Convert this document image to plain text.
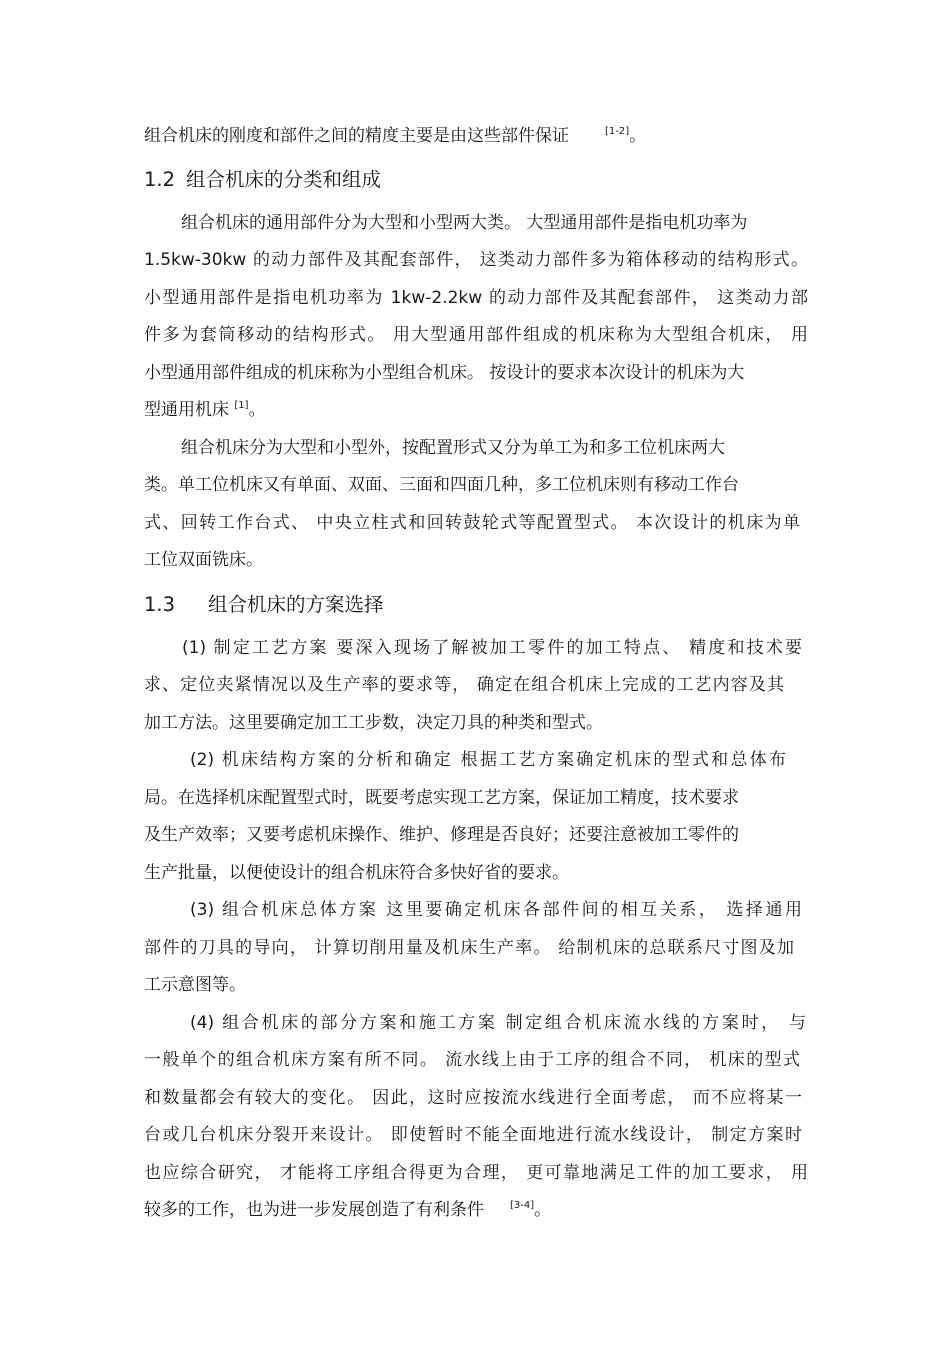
组合机床的刚度和部件之间的精度主要是由这些部件保证	[1-2]。
1.2 组合机床的分类和组成
组合机床的通用部件分为大型和小型两大类。 大型通用部件是指电机功率为
1.5kw-30kw 的动力部件及其配套部件， 这类动力部件多为箱体移动的结构形式。
小型通用部件是指电机功率为 1kw-2.2kw 的动力部件及其配套部件， 这类动力部
件多为套筒移动的结构形式。 用大型通用部件组成的机床称为大型组合机床， 用
小型通用部件组成的机床称为小型组合机床。 按设计的要求本次设计的机床为大
型通用机床 [1]。
组合机床分为大型和小型外，按配置形式又分为单工为和多工位机床两大
类。单工位机床又有单面、双面、三面和四面几种，多工位机床则有移动工作台
式、回转工作台式、 中央立柱式和回转鼓轮式等配置型式。 本次设计的机床为单
工位双面铣床。
1.3 组合机床的方案选择
(1) 制定工艺方案 要深入现场了解被加工零件的加工特点、 精度和技术要
求、定位夹紧情况以及生产率的要求等， 确定在组合机床上完成的工艺内容及其
加工方法。这里要确定加工工步数，决定刀具的种类和型式。
(2) 机床结构方案的分析和确定 根据工艺方案确定机床的型式和总体布
局。在选择机床配置型式时，既要考虑实现工艺方案，保证加工精度，技术要求
及生产效率；又要考虑机床操作、维护、修理是否良好；还要注意被加工零件的
生产批量，以便使设计的组合机床符合多快好省的要求。
(3) 组合机床总体方案 这里要确定机床各部件间的相互关系， 选择通用
部件的刀具的导向， 计算切削用量及机床生产率。 给制机床的总联系尺寸图及加
工示意图等。
(4) 组合机床的部分方案和施工方案 制定组合机床流水线的方案时， 与
一般单个的组合机床方案有所不同。 流水线上由于工序的组合不同， 机床的型式
和数量都会有较大的变化。 因此，这时应按流水线进行全面考虑， 而不应将某一
台或几台机床分裂开来设计。 即使暂时不能全面地进行流水线设计， 制定方案时
也应综合研究， 才能将工序组合得更为合理， 更可靠地满足工件的加工要求， 用
较多的工作，也为进一步发展创造了有利条件	[3-4]。
